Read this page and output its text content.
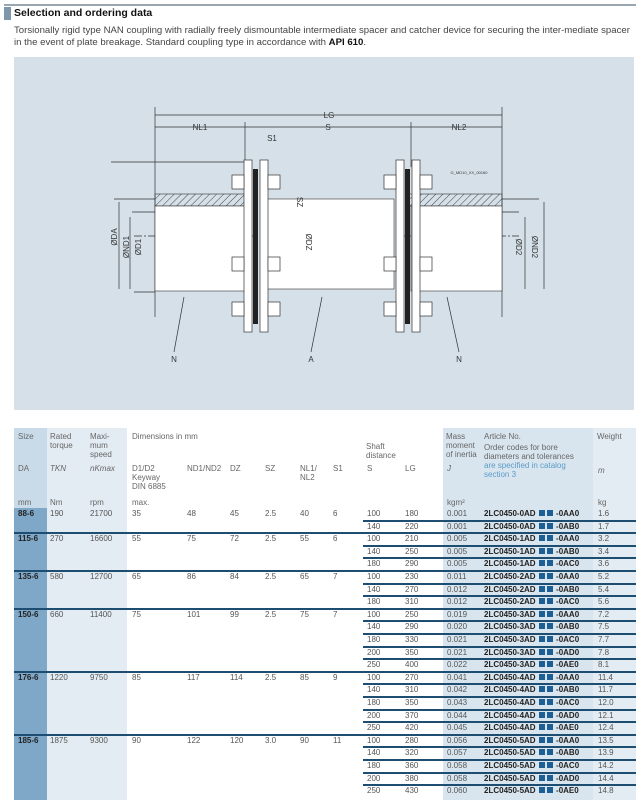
Selection and ordering data
Torsionally rigid type NAN coupling with radially freely dismountable intermediate spacer and catcher device for securing the inter-mediate spacer in the event of plate breakage. Standard coupling type in accordance with API 610.
LG
NL1	S	NL2
S1
N	A	N
G_MD10_XX_00160
ØDA ØND1 ØD1	ØD2 ØND2
ØDZ
SZ
Size Rated torque
Maxi-mum speed
Dimensions in mm
Shaft distance
Mass moment of inertia
Article No.
Order codes for bore diameters and tolerances
are specified in catalog section 3
Weight
DA	TKN	nKmax D1/D2
Keyway DIN 6885
ND1/ND2 DZ	SZ	NL1/ NL2
S1	S	LG	J	m
mm Nm	rpm	max.	kgm²	kg
88-6 190	21700 35	48	45	2.5	40	6	100	180	0.001 2LC0450-0AD  -0AA0 1.6
140	220	0.001 2LC0450-0AD  -0AB0 1.7
115-6 270	16600 55	75	72	2.5	55	6	100	210	0.005 2LC0450-1AD  -0AA0 3.2
140	250	0.005 2LC0450-1AD  -0AB0 3.4
180	290	0.005 2LC0450-1AD  -0AC0 3.6
135-6 580	12700 65	86	84	2.5	65	7	100	230	0.011 2LC0450-2AD  -0AA0 5.2
140	270	0.012 2LC0450-2AD  -0AB0 5.4
180	310	0.012 2LC0450-2AD  -0AC0 5.6
150-6 660	11400	75	101	99	2.5	75	7	100	250	0.019 2LC0450-3AD  -0AA0 7.2
140	290	0.020 2LC0450-3AD  -0AB0 7.5
180	330	0.021 2LC0450-3AD  -0AC0 7.7
200	350	0.021 2LC0450-3AD  -0AD0 7.8
250	400	0.022 2LC0450-3AD  -0AE0 8.1
176-6 1220	9750	85	117	114	2.5	85	9	100	270	0.041 2LC0450-4AD  -0AA0 11.4
140	310	0.042 2LC0450-4AD  -0AB0 11.7
180	350	0.043 2LC0450-4AD  -0AC0 12.0
200	370	0.044 2LC0450-4AD  -0AD0 12.1
250	420	0.045 2LC0450-4AD  -0AE0 12.4
185-6 1875	9300	90	122	120	3.0	90	11	100	280	0.056 2LC0450-5AD  -0AA0 13.5
140	320	0.057 2LC0450-5AD  -0AB0 13.9
180	360	0.058 2LC0450-5AD  -0AC0 14.2
200	380	0.058 2LC0450-5AD  -0AD0 14.4
250	430	0.060 2LC0450-5AD  -0AE0 14.8
